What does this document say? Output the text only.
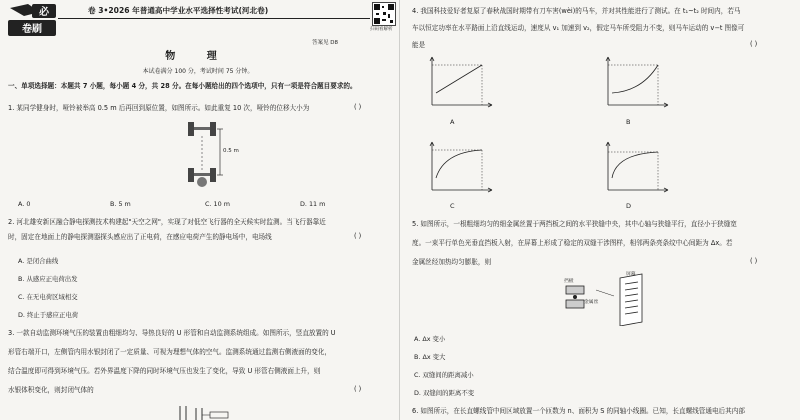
必
卷刷
卷 3•2026 年普通高中学业水平选择性考试(河北卷)
扫码看解析
答案见 D8
物 理
本试卷满分 100 分，考试时间 75 分钟。
一、单项选择题：本题共 7 小题，每小题 4 分，共 28 分。在每小题给出的四个选项中，只有一项是符合题目要求的。
1. 某同学健身时，哑铃被举高 0.5 m 后再回到原位置，如图所示。如此重复 10 次，哑铃的位移大小为	( )
0.5 m
A. 0	B. 5 m	C. 10 m	D. 11 m
2. 河北雄安新区融合静电探测技术构建起"天空之网"，实现了对低空飞行器的全天候实时监测。当飞行器靠近
时，固定在地面上的静电探测器探头感应出了正电荷，在感应电荷产生的静电场中，电场线	( )
A. 是闭合曲线
B. 从感应正电荷出发
C. 在无电荷区域相交
D. 终止于感应正电荷
3. 一款自动监测环境气压的装置由粗细均匀、导热良好的 U 形管和自动监测系统组成。如图所示，竖直放置的 U
形管右端开口，左侧管内用水银封闭了一定质量、可视为理想气体的空气。监测系统通过监测右侧液面的变化，
结合温度即可得到环境气压。若外界温度下降的同时环境气压也发生了变化，导致 U 形管右侧液面上升，则
水银体积变化，则封闭气体的	( )
4. 我国科技爱好者复原了春秋战国时期带有刀车害(wèi)的马车，并对其性能进行了测试。在 t₁~t₂ 时间内，若马
车以恒定功率在水平路面上沿直线运动，速度从 v₁ 加速到 v₂，假定马车所受阻力不变，则马车运动的 v−t 图像可
能是	( )
A	B
C	D
5. 如图所示，一根粗细均匀的细金属丝置于两挡板之间的水平狭缝中央，其中心轴与狭缝平行，直径小于狭缝宽
度。一束平行单色光垂直挡板入射，在屏幕上形成了稳定的双缝干涉图样，相邻两条亮条纹中心间距为 Δx。若
金属丝经加热均匀膨胀，则	( )
挡板
金属丝
屏幕
A. Δx 变小
B. Δx 变大
C. 双缝间的距离减小
D. 双缝间的距离不变
6. 如图所示，在长直螺线管中间区域放置一个匝数为 n、面积为 S 的同轴小线圈。已知，长直螺线管通电后其内部
